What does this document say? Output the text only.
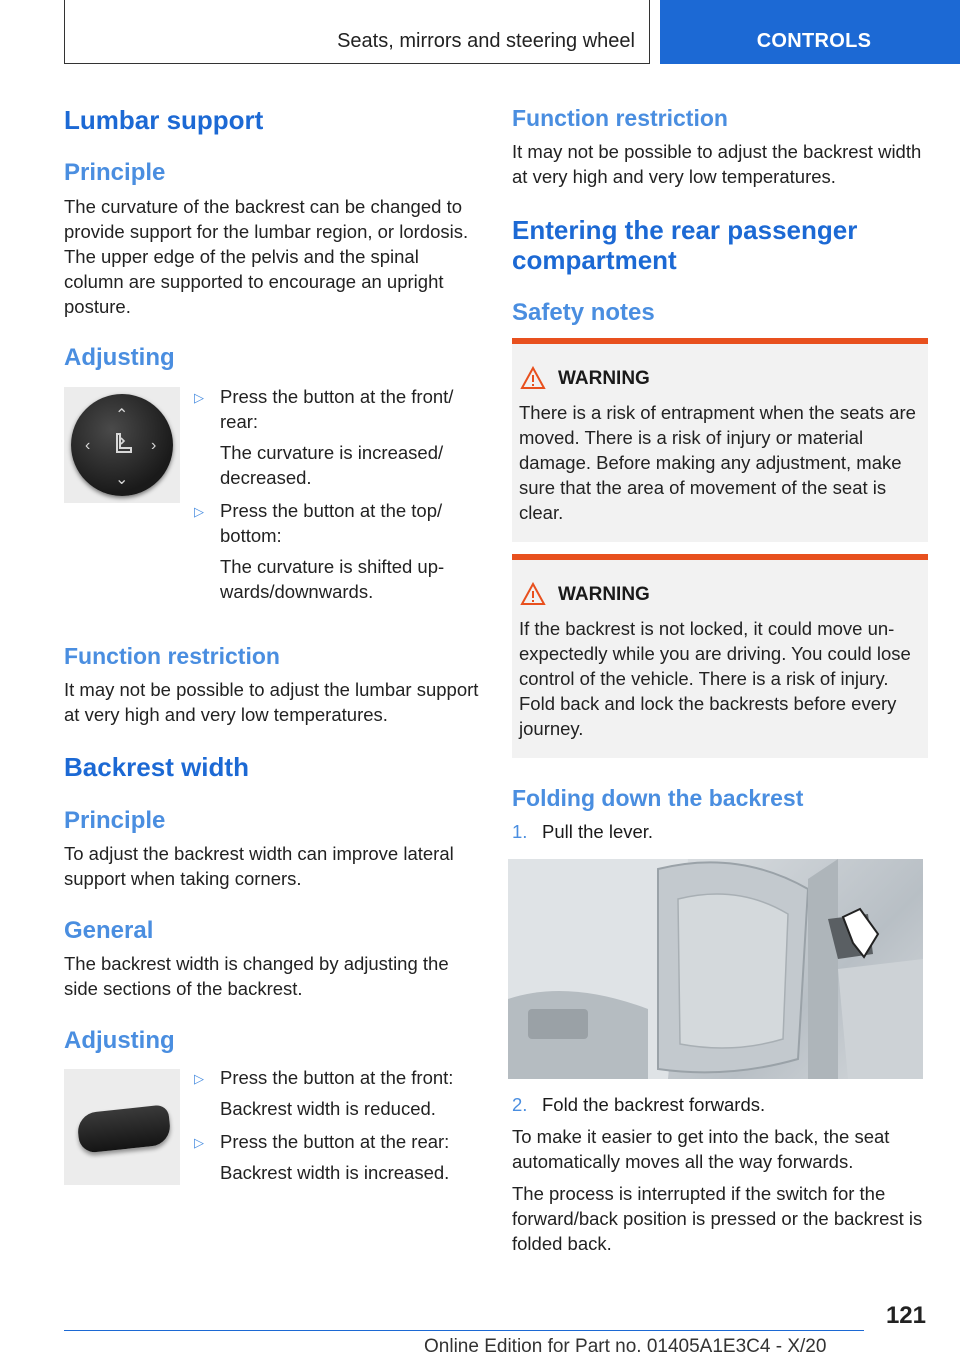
Seats, mirrors and steering wheel	CONTROLS
Lumbar support
Principle

The curvature of the backrest can be changed to provide support for the lumbar region, or lordosis. The upper edge of the pelvis and the spinal column are supported to encourage an upright posture.

Adjusting
⌃
⌄
‹	›
▷ Press the button at the front/ rear:
The curvature is increased/ decreased.
▷ Press the button at the top/ bottom:
The curvature is shifted upwards/downwards.
Function restriction

It may not be possible to adjust the lumbar support at very high and very low temperatures.

Backrest width
Principle

To adjust the backrest width can improve lateral support when taking corners.

General

The backrest width is changed by adjusting the side sections of the backrest.

Adjusting
▷ Press the button at the front:
Backrest width is reduced.
▷ Press the button at the rear:
Backrest width is increased.
Function restriction

It may not be possible to adjust the backrest width at very high and very low temperatures.

Entering the rear passenger compartment
Safety notes
WARNING

There is a risk of entrapment when the seats are moved. There is a risk of injury or material damage. Before making any adjustment, make sure that the area of movement of the seat is clear.

WARNING

If the backrest is not locked, it could move unexpectedly while you are driving. You could lose control of the vehicle. There is a risk of injury. Fold back and lock the backrests before every journey.

Folding down the backrest
1. Pull the lever.
2. Fold the backrest forwards.

To make it easier to get into the back, the seat automatically moves all the way forwards.

The process is interrupted if the switch for the forward/back position is pressed or the backrest is folded back.

121
Online Edition for Part no. 01405A1E3C4 - X/20
